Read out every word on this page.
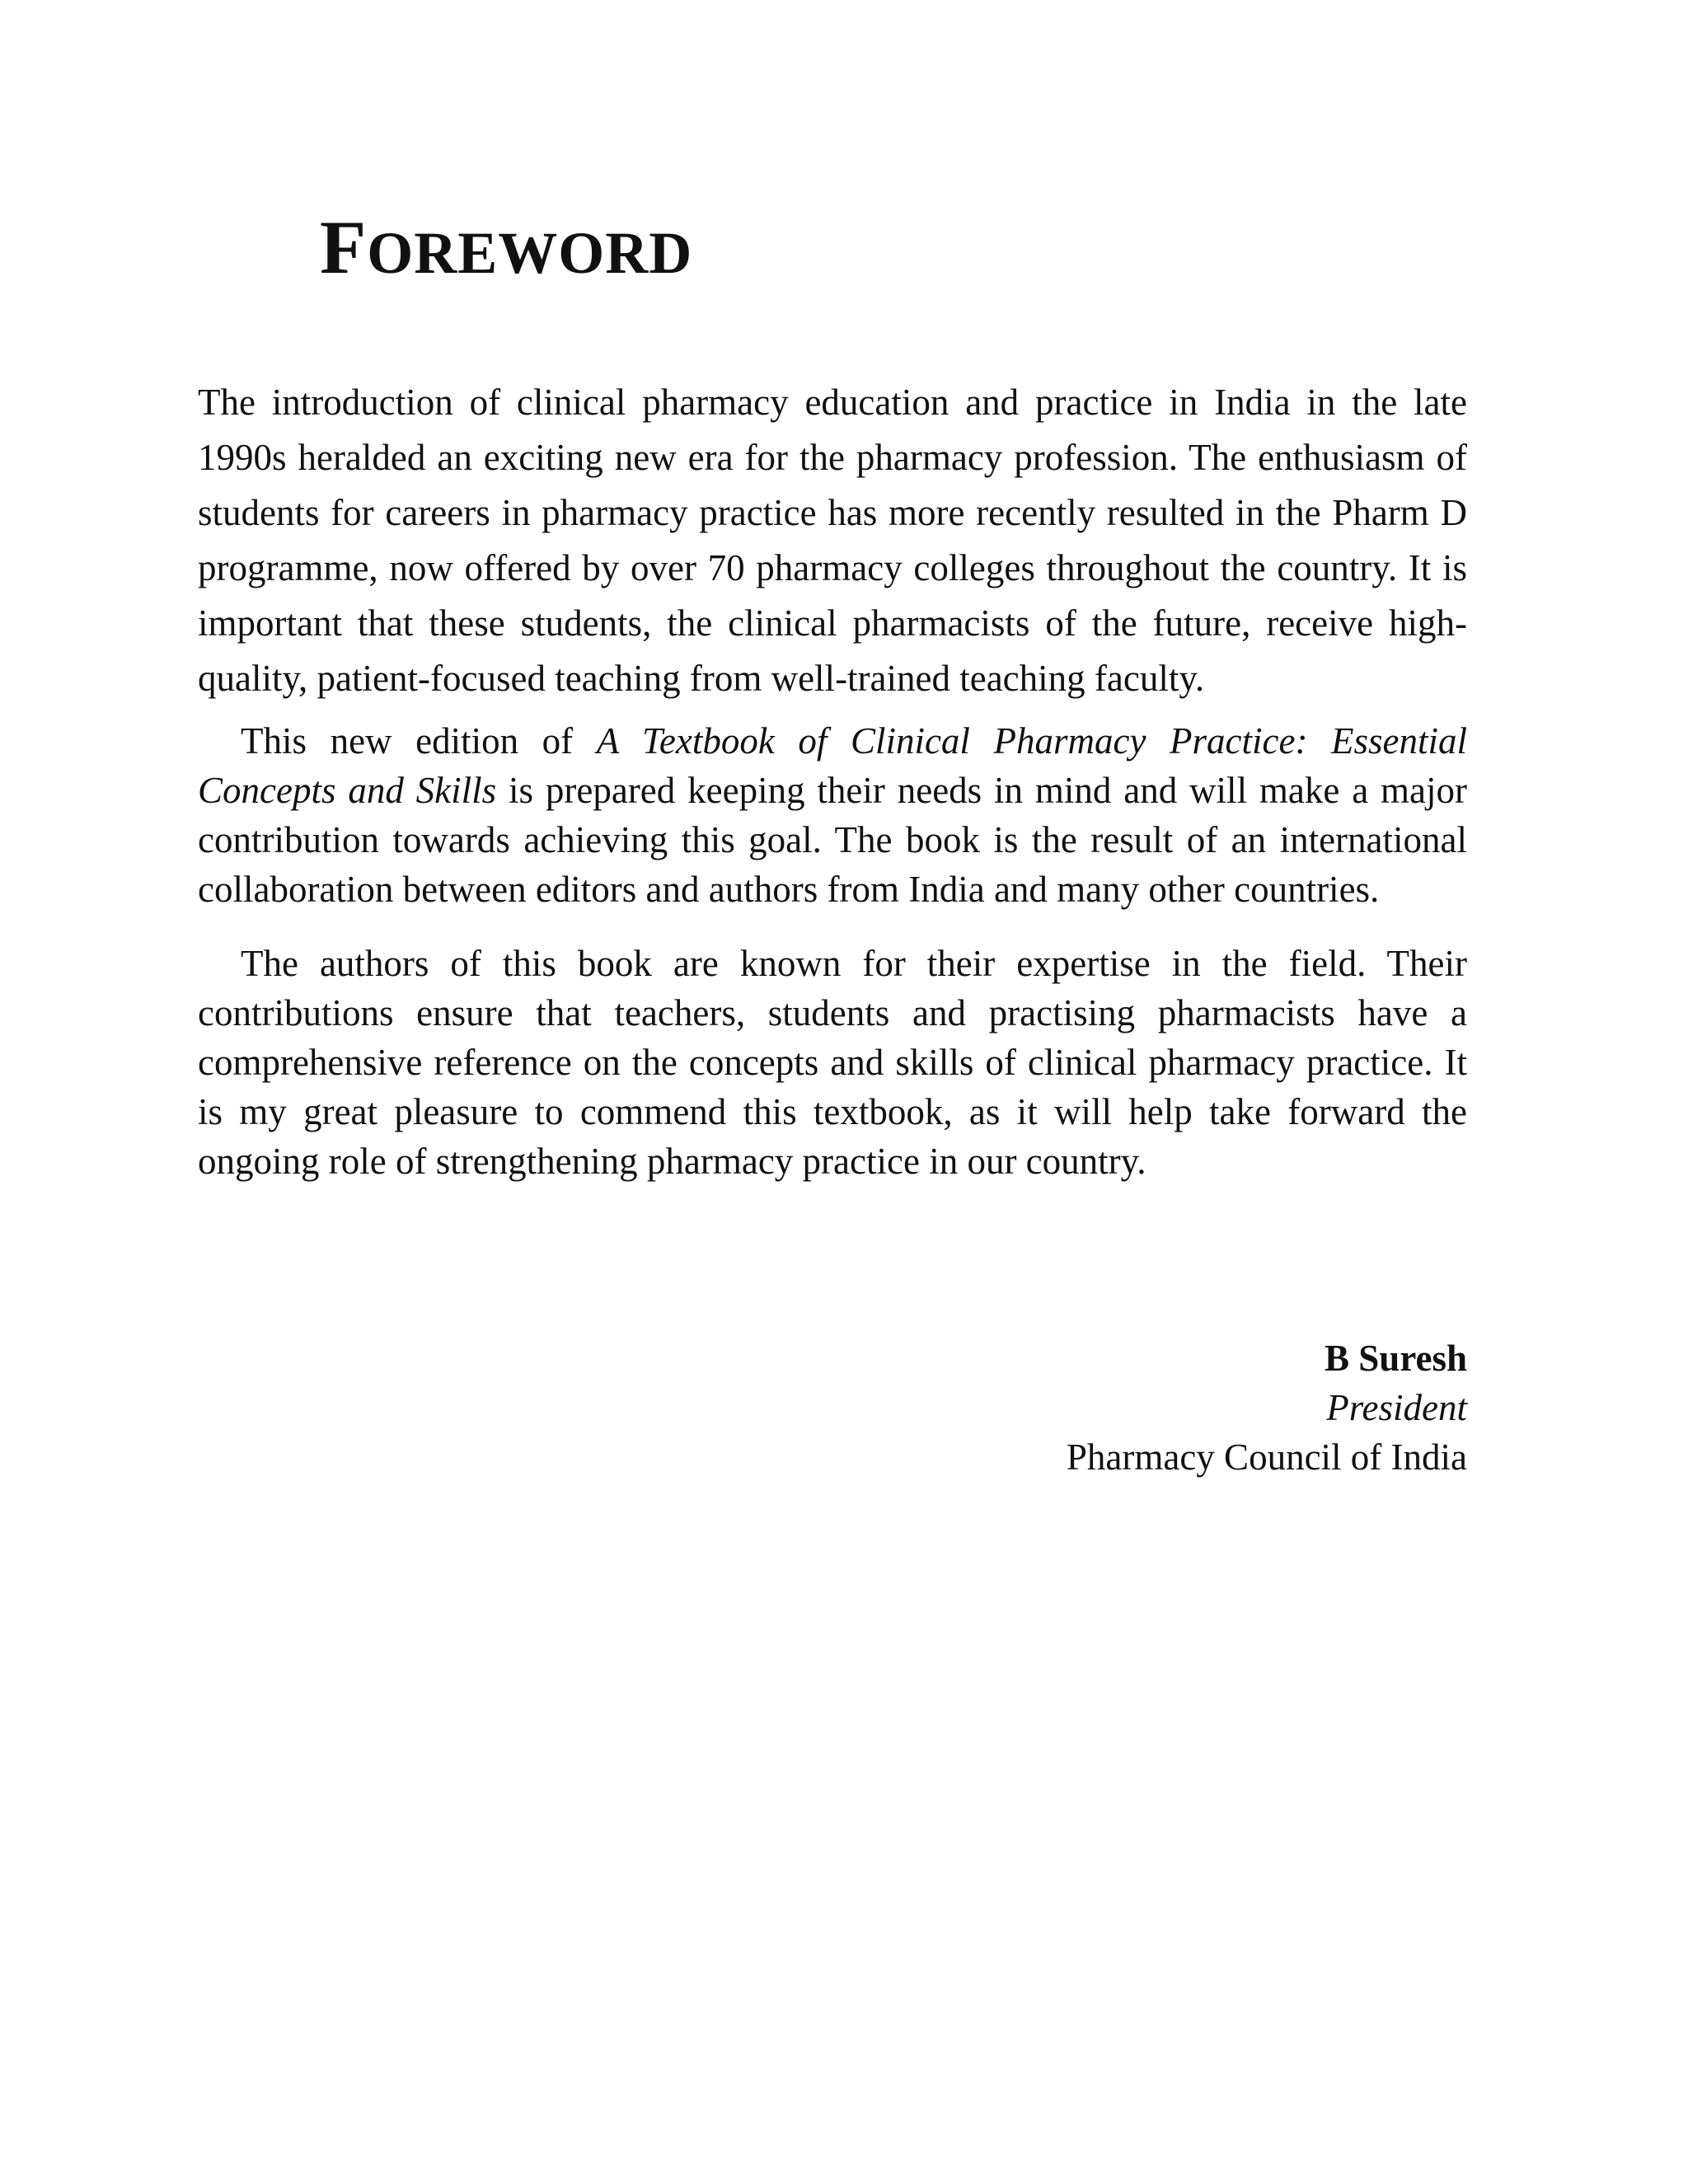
FOREWORD

The introduction of clinical pharmacy education and practice in India in the late 1990s heralded an exciting new era for the pharmacy profession. The enthusiasm of students for careers in pharmacy practice has more recently resulted in the Pharm D programme, now offered by over 70 pharmacy colleges throughout the country. It is important that these students, the clinical pharmacists of the future, receive high-quality, patient-focused teaching from well-trained teaching faculty.

This new edition of A Textbook of Clinical Pharmacy Practice: Essential Concepts and Skills is prepared keeping their needs in mind and will make a major contribution towards achieving this goal. The book is the result of an international collaboration between editors and authors from India and many other countries.

The authors of this book are known for their expertise in the field. Their contributions ensure that teachers, students and practising pharmacists have a comprehensive reference on the concepts and skills of clinical pharmacy practice. It is my great pleasure to commend this textbook, as it will help take forward the ongoing role of strengthening pharmacy practice in our country.

B Suresh
President
Pharmacy Council of India
